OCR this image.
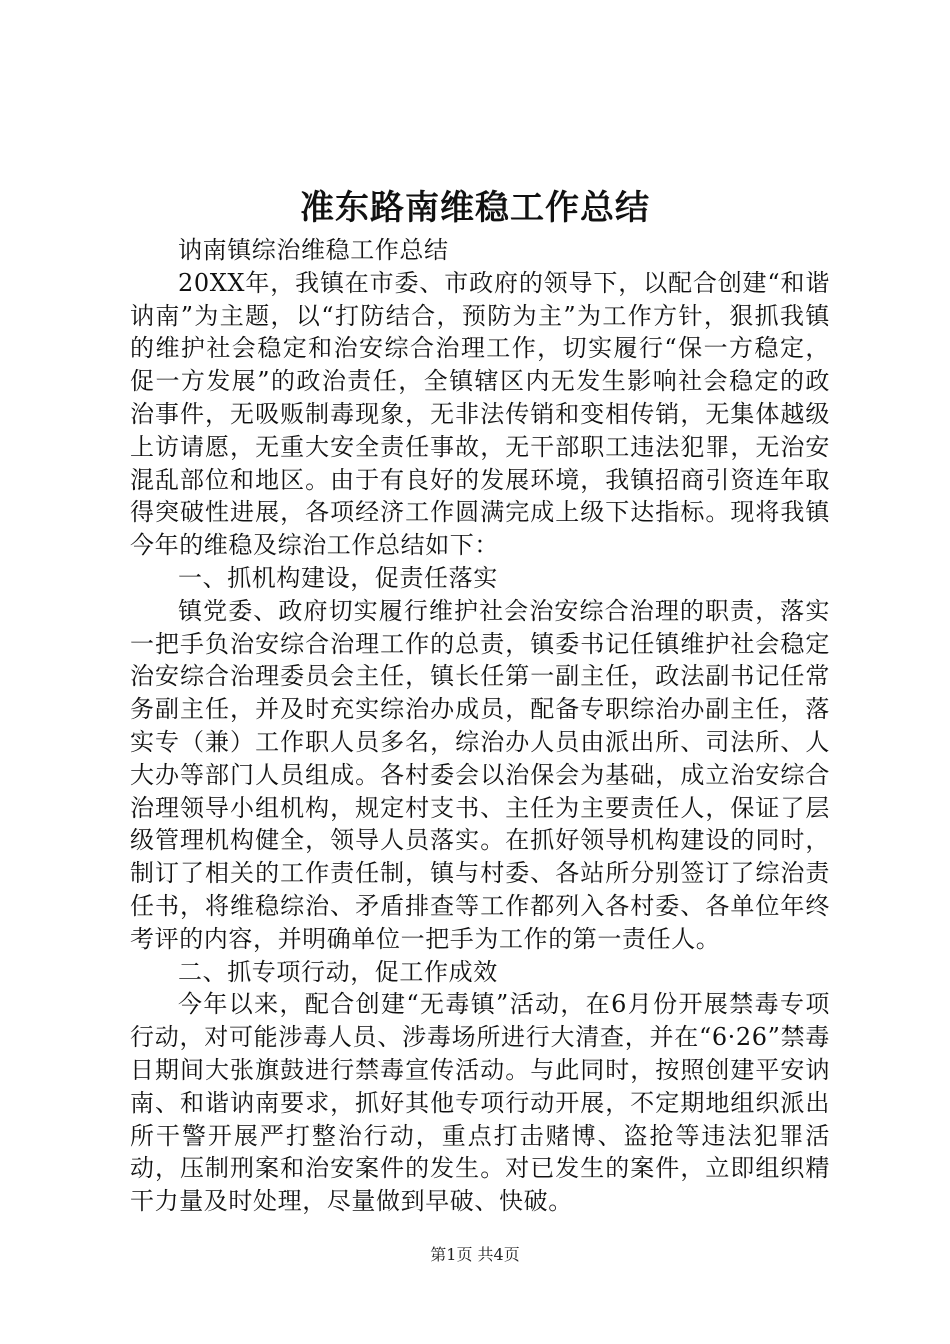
准东路南维稳工作总结

讷南镇综治维稳工作总结

20XX年，我镇在市委、市政府的领导下，以配合创建“和谐讷南”为主题，以“打防结合，预防为主”为工作方针，狠抓我镇的维护社会稳定和治安综合治理工作，切实履行“保一方稳定，促一方发展”的政治责任，全镇辖区内无发生影响社会稳定的政治事件，无吸贩制毒现象，无非法传销和变相传销，无集体越级上访请愿，无重大安全责任事故，无干部职工违法犯罪，无治安混乱部位和地区。由于有良好的发展环境，我镇招商引资连年取得突破性进展，各项经济工作圆满完成上级下达指标。现将我镇今年的维稳及综治工作总结如下：

一、抓机构建设，促责任落实

镇党委、政府切实履行维护社会治安综合治理的职责，落实一把手负治安综合治理工作的总责，镇委书记任镇维护社会稳定治安综合治理委员会主任，镇长任第一副主任，政法副书记任常务副主任，并及时充实综治办成员，配备专职综治办副主任，落实专（兼）工作职人员多名，综治办人员由派出所、司法所、人大办等部门人员组成。各村委会以治保会为基础，成立治安综合治理领导小组机构，规定村支书、主任为主要责任人，保证了层级管理机构健全，领导人员落实。在抓好领导机构建设的同时，制订了相关的工作责任制，镇与村委、各站所分别签订了综治责任书，将维稳综治、矛盾排查等工作都列入各村委、各单位年终考评的内容，并明确单位一把手为工作的第一责任人。

二、抓专项行动，促工作成效

今年以来，配合创建“无毒镇”活动，在6月份开展禁毒专项行动，对可能涉毒人员、涉毒场所进行大清查，并在“6·26”禁毒日期间大张旗鼓进行禁毒宣传活动。与此同时，按照创建平安讷南、和谐讷南要求，抓好其他专项行动开展，不定期地组织派出所干警开展严打整治行动，重点打击赌博、盗抢等违法犯罪活动，压制刑案和治安案件的发生。对已发生的案件，立即组织精干力量及时处理，尽量做到早破、快破。

第1页 共4页
